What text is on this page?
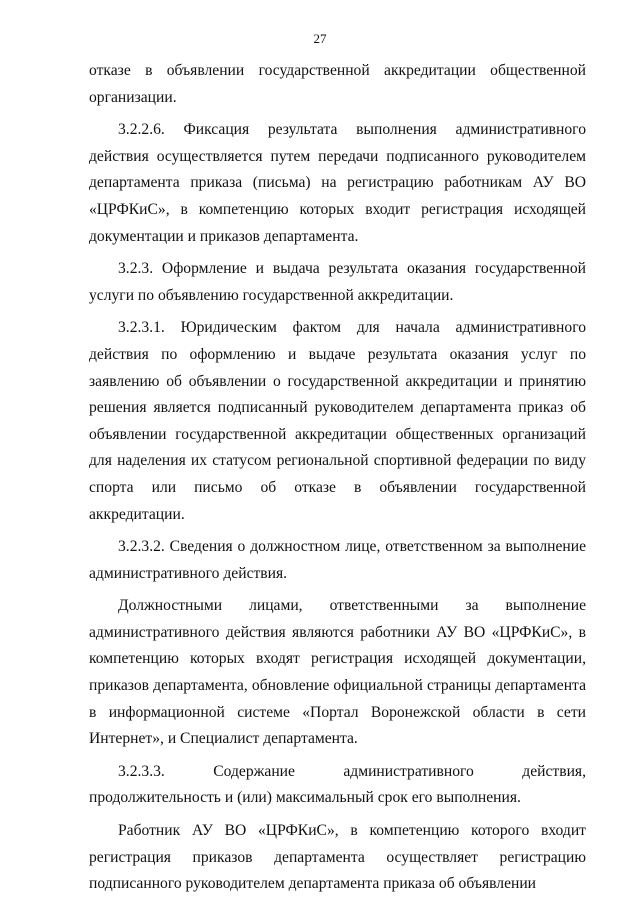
27

отказе в объявлении государственной аккредитации общественной организации.

3.2.2.6. Фиксация результата выполнения административного действия осуществляется путем передачи подписанного руководителем департамента приказа (письма) на регистрацию работникам АУ ВО «ЦРФКиС», в компетенцию которых входит регистрация исходящей документации и приказов департамента.

3.2.3. Оформление и выдача результата оказания государственной услуги по объявлению государственной аккредитации.

3.2.3.1. Юридическим фактом для начала административного действия по оформлению и выдаче результата оказания услуг по заявлению об объявлении о государственной аккредитации и принятию решения является подписанный руководителем департамента приказ об объявлении государственной аккредитации общественных организаций для наделения их статусом региональной спортивной федерации по виду спорта или письмо об отказе в объявлении государственной аккредитации.

3.2.3.2. Сведения о должностном лице, ответственном за выполнение административного действия.

Должностными лицами, ответственными за выполнение административного действия являются работники АУ ВО «ЦРФКиС», в компетенцию которых входят регистрация исходящей документации, приказов департамента, обновление официальной страницы департамента в информационной системе «Портал Воронежской области в сети Интернет», и Специалист департамента.

3.2.3.3. Содержание административного действия, продолжительность и (или) максимальный срок его выполнения.

Работник АУ ВО «ЦРФКиС», в компетенцию которого входит регистрация приказов департамента осуществляет регистрацию подписанного руководителем департамента приказа об объявлении
